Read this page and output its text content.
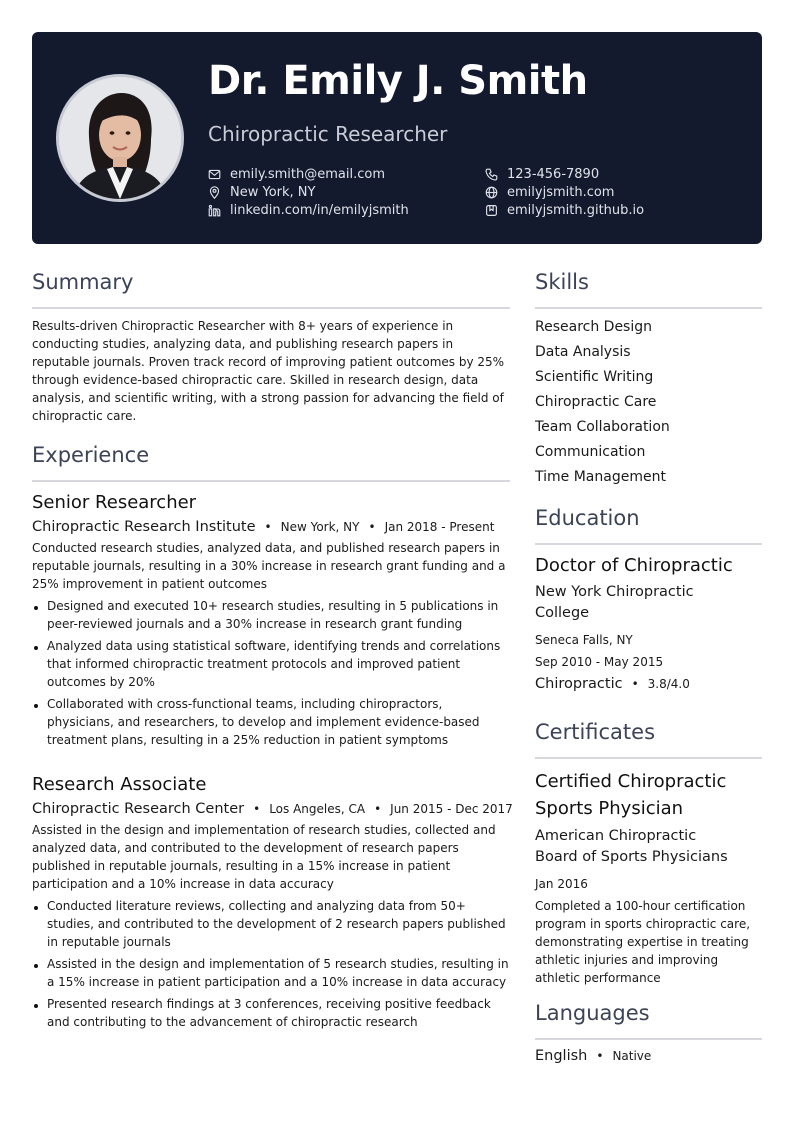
Dr. Emily J. Smith
Chiropractic Researcher
emily.smith@email.com
New York, NY
linkedin.com/in/emilyjsmith
123-456-7890
emilyjsmith.com
emilyjsmith.github.io
Summary

Results-driven Chiropractic Researcher with 8+ years of experience in conducting studies, analyzing data, and publishing research papers in reputable journals. Proven track record of improving patient outcomes by 25% through evidence-based chiropractic care. Skilled in research design, data analysis, and scientific writing, with a strong passion for advancing the field of chiropractic care.

Experience
Senior Researcher
Chiropractic Research Institute • New York, NY • Jan 2018 - Present

Conducted research studies, analyzed data, and published research papers in reputable journals, resulting in a 30% increase in research grant funding and a 25% improvement in patient outcomes

Designed and executed 10+ research studies, resulting in 5 publications in peer-reviewed journals and a 30% increase in research grant funding
Analyzed data using statistical software, identifying trends and correlations that informed chiropractic treatment protocols and improved patient outcomes by 20%
Collaborated with cross-functional teams, including chiropractors, physicians, and researchers, to develop and implement evidence-based treatment plans, resulting in a 25% reduction in patient symptoms
Research Associate
Chiropractic Research Center • Los Angeles, CA • Jun 2015 - Dec 2017

Assisted in the design and implementation of research studies, collected and analyzed data, and contributed to the development of research papers published in reputable journals, resulting in a 15% increase in patient participation and a 10% increase in data accuracy

Conducted literature reviews, collecting and analyzing data from 50+ studies, and contributed to the development of 2 research papers published in reputable journals
Assisted in the design and implementation of 5 research studies, resulting in a 15% increase in patient participation and a 10% increase in data accuracy
Presented research findings at 3 conferences, receiving positive feedback and contributing to the advancement of chiropractic research
Skills
Research Design
Data Analysis
Scientific Writing
Chiropractic Care
Team Collaboration
Communication
Time Management
Education
Doctor of Chiropractic
New York Chiropractic
College
Seneca Falls, NY
Sep 2010 - May 2015
Chiropractic • 3.8/4.0
Certificates
Certified Chiropractic
Sports Physician
American Chiropractic
Board of Sports Physicians
Jan 2016

Completed a 100-hour certification program in sports chiropractic care, demonstrating expertise in treating athletic injuries and improving athletic performance

Languages
English • Native
